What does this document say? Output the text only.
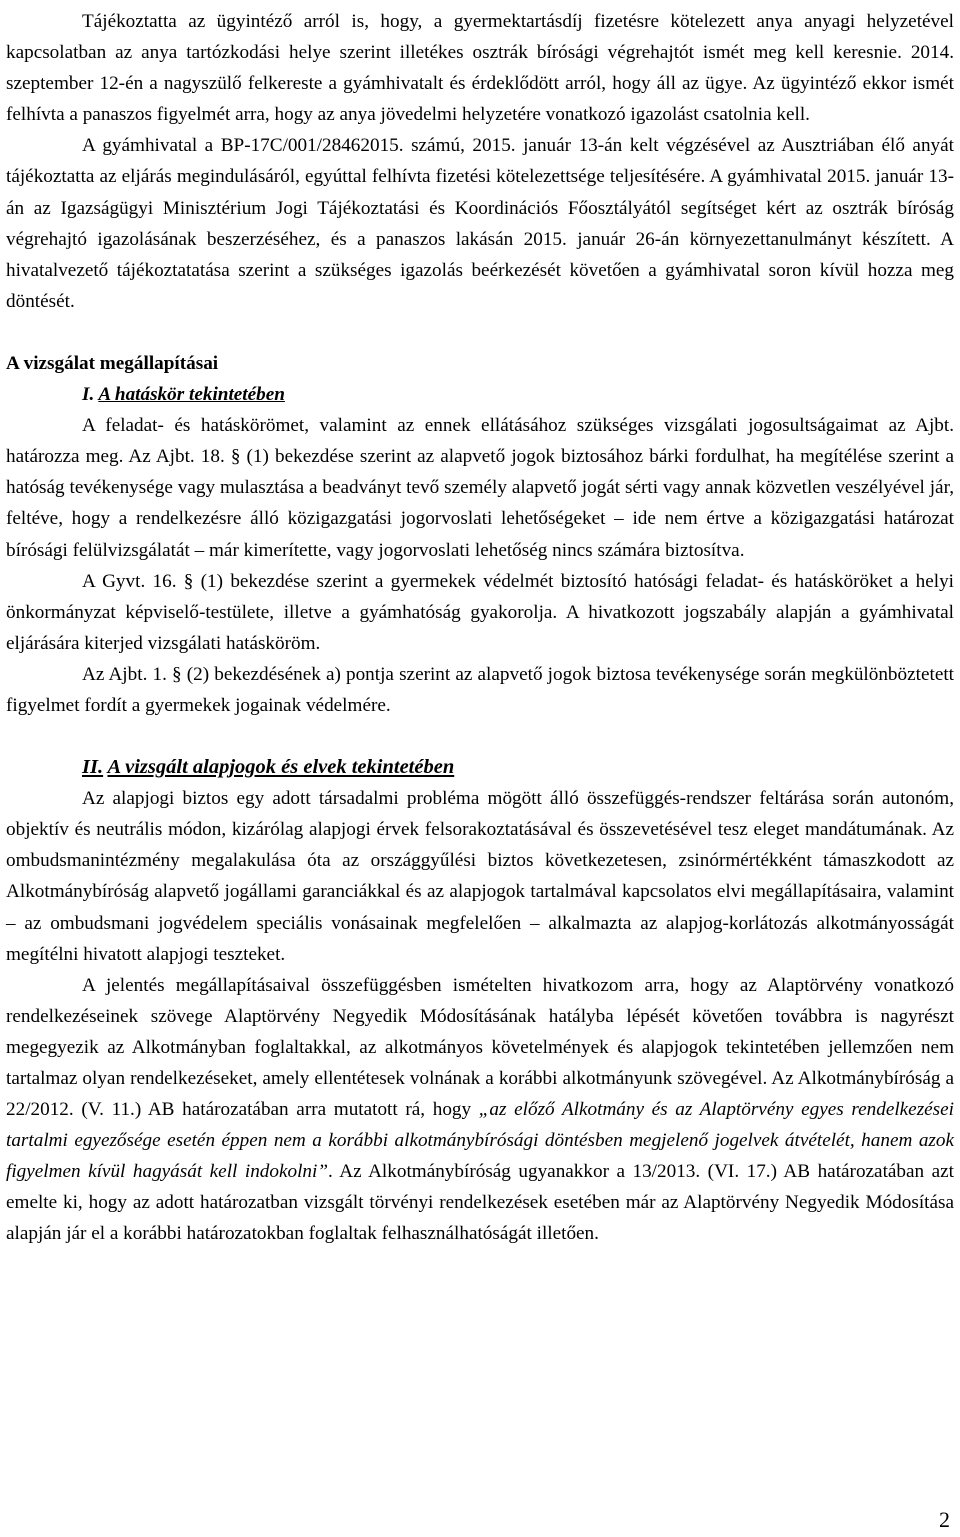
Tájékoztatta az ügyintéző arról is, hogy, a gyermektartásdíj fizetésre kötelezett anya anyagi helyzetével kapcsolatban az anya tartózkodási helye szerint illetékes osztrák bírósági végrehajtót ismét meg kell keresnie. 2014. szeptember 12-én a nagyszülő felkereste a gyámhivatalt és érdeklődött arról, hogy áll az ügye. Az ügyintéző ekkor ismét felhívta a panaszos figyelmét arra, hogy az anya jövedelmi helyzetére vonatkozó igazolást csatolnia kell.

A gyámhivatal a BP-17C/001/28462015. számú, 2015. január 13-án kelt végzésével az Ausztriában élő anyát tájékoztatta az eljárás megindulásáról, egyúttal felhívta fizetési kötelezettsége teljesítésére. A gyámhivatal 2015. január 13-án az Igazságügyi Minisztérium Jogi Tájékoztatási és Koordinációs Főosztályától segítséget kért az osztrák bíróság végrehajtó igazolásának beszerzéséhez, és a panaszos lakásán 2015. január 26-án környezettanulmányt készített. A hivatalvezető tájékoztatatása szerint a szükséges igazolás beérkezését követően a gyámhivatal soron kívül hozza meg döntését.

A vizsgálat megállapításai

I. A hatáskör tekintetében

A feladat- és hatáskörömet, valamint az ennek ellátásához szükséges vizsgálati jogosultságaimat az Ajbt. határozza meg. Az Ajbt. 18. § (1) bekezdése szerint az alapvető jogok biztosához bárki fordulhat, ha megítélése szerint a hatóság tevékenysége vagy mulasztása a beadványt tevő személy alapvető jogát sérti vagy annak közvetlen veszélyével jár, feltéve, hogy a rendelkezésre álló közigazgatási jogorvoslati lehetőségeket – ide nem értve a közigazgatási határozat bírósági felülvizsgálatát – már kimerítette, vagy jogorvoslati lehetőség nincs számára biztosítva.

A Gyvt. 16. § (1) bekezdése szerint a gyermekek védelmét biztosító hatósági feladat- és hatásköröket a helyi önkormányzat képviselő-testülete, illetve a gyámhatóság gyakorolja. A hivatkozott jogszabály alapján a gyámhivatal eljárására kiterjed vizsgálati hatásköröm.

Az Ajbt. 1. § (2) bekezdésének a) pontja szerint az alapvető jogok biztosa tevékenysége során megkülönböztetett figyelmet fordít a gyermekek jogainak védelmére.

II. A vizsgált alapjogok és elvek tekintetében

Az alapjogi biztos egy adott társadalmi probléma mögött álló összefüggés-rendszer feltárása során autonóm, objektív és neutrális módon, kizárólag alapjogi érvek felsorakoztatásával és összevetésével tesz eleget mandátumának. Az ombudsmanintézmény megalakulása óta az országgyűlési biztos következetesen, zsinórmértékként támaszkodott az Alkotmánybíróság alapvető jogállami garanciákkal és az alapjogok tartalmával kapcsolatos elvi megállapításaira, valamint – az ombudsmani jogvédelem speciális vonásainak megfelelően – alkalmazta az alapjog-korlátozás alkotmányosságát megítélni hivatott alapjogi teszteket.

A jelentés megállapításaival összefüggésben ismételten hivatkozom arra, hogy az Alaptörvény vonatkozó rendelkezéseinek szövege Alaptörvény Negyedik Módosításának hatályba lépését követően továbbra is nagyrészt megegyezik az Alkotmányban foglaltakkal, az alkotmányos követelmények és alapjogok tekintetében jellemzően nem tartalmaz olyan rendelkezéseket, amely ellentétesek volnának a korábbi alkotmányunk szövegével. Az Alkotmánybíróság a 22/2012. (V. 11.) AB határozatában arra mutatott rá, hogy „az előző Alkotmány és az Alaptörvény egyes rendelkezései tartalmi egyezősége esetén éppen nem a korábbi alkotmánybírósági döntésben megjelenő jogelvek átvételét, hanem azok figyelmen kívül hagyását kell indokolni”. Az Alkotmánybíróság ugyanakkor a 13/2013. (VI. 17.) AB határozatában azt emelte ki, hogy az adott határozatban vizsgált törvényi rendelkezések esetében már az Alaptörvény Negyedik Módosítása alapján jár el a korábbi határozatokban foglaltak felhasználhatóságát illetően.

2
